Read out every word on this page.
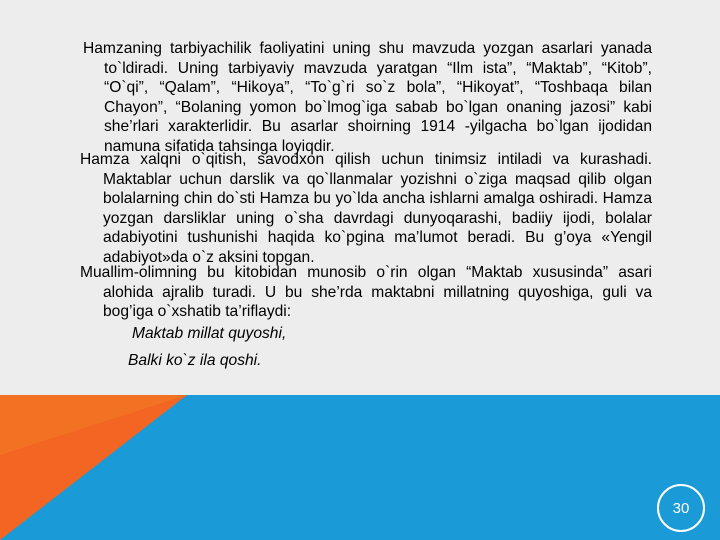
Hamzaning tarbiyachilik faoliyatini uning shu mavzuda yozgan asarlari yanada to`ldiradi. Uning tarbiyaviy mavzuda yaratgan “Ilm ista”, “Maktab”, “Kitob”, “O`qi”, “Qalam”, “Hikoya”, “To`g`ri so`z bola”, “Hikoyat”, “Toshbaqa bilan Chayon”, “Bolaning yomon bo`lmog`iga sabab bo`lgan onaning jazosi” kabi she’rlari xarakterlidir. Bu asarlar shoirning 1914 -yilgacha bo`lgan ijodidan namuna sifatida tahsinga loyiqdir.
Hamza xalqni o`qitish, savodxon qilish uchun tinimsiz intiladi va kurashadi. Maktablar uchun darslik va qo`llanmalar yozishni o`ziga maqsad qilib olgan bolalarning chin do`sti Hamza bu yo`lda ancha ishlarni amalga oshiradi. Hamza yozgan darsliklar uning o`sha davrdagi dunyoqarashi, badiiy ijodi, bolalar adabiyotini tushunishi haqida ko`pgina ma’lumot beradi. Bu g’oya «Yengil adabiyot»da o`z aksini topgan.
Muallim-olimning bu kitobidan munosib o`rin olgan “Maktab xususinda” asari alohida ajralib turadi. U bu she’rda maktabni millatning quyoshiga, guli va bog’iga o`xshatib ta’riflaydi:
Maktab millat quyoshi,
Balki ko`z ila qoshi.
30
